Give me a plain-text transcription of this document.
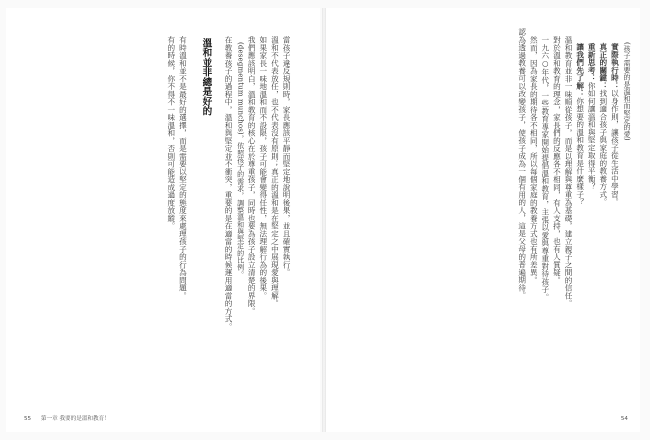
當孩子違反規則時，家長應該平靜而堅定地說明後果，並且確實執行。

溫和不代表放任，也不代表沒有原則；真正的溫和是在堅定之中展現愛與理解。

如果家長一味地溫和而不設限，孩子可能會變得任性，無法理解行為的後果。

我們應該明白，溫和教育的核心在於尊重孩子，同時也要為孩子設立清楚的界限。

(desegmentum munchos)，依照孩子的需求，調整溫和與堅定的比例。

在教養孩子的過程中，溫和與堅定並不衝突，重要的是在適當的時候運用適當的方式。

溫和並非總是好的

有時溫和並不是最好的選擇，而是需要以堅定的態度來處理孩子的行為問題。

有的時候，你不得不一味溫和，否則可能造成過度放縱。

55 第一章 我要的是溫和教育！

(孩子需要的是溫和而堅定的愛)

實際執行時：以身作則，讓孩子從生活中學習。

真正的關鍵：找到適合孩子與家庭的教養方式。

重新思考：你如何讓溫和與堅定取得平衡？

讓我們先了解：你想要的溫和教育是什麼樣子？

溫和教育並非一味順從孩子，而是以理解與尊重為基礎，建立親子之間的信任。

對於溫和教育的理念，家長們的反應各不相同，有人支持，也有人質疑。

一九六○年代，一些教育專家開始提倡溫和教育，主張以愛與尊重對待孩子。

然而，因為家長的期待各不相同，所以每個家庭的教養方式也有所差異。

認為透過教養可以改變孩子，使孩子成為一個有用的人，這是父母的普遍期待。

54
